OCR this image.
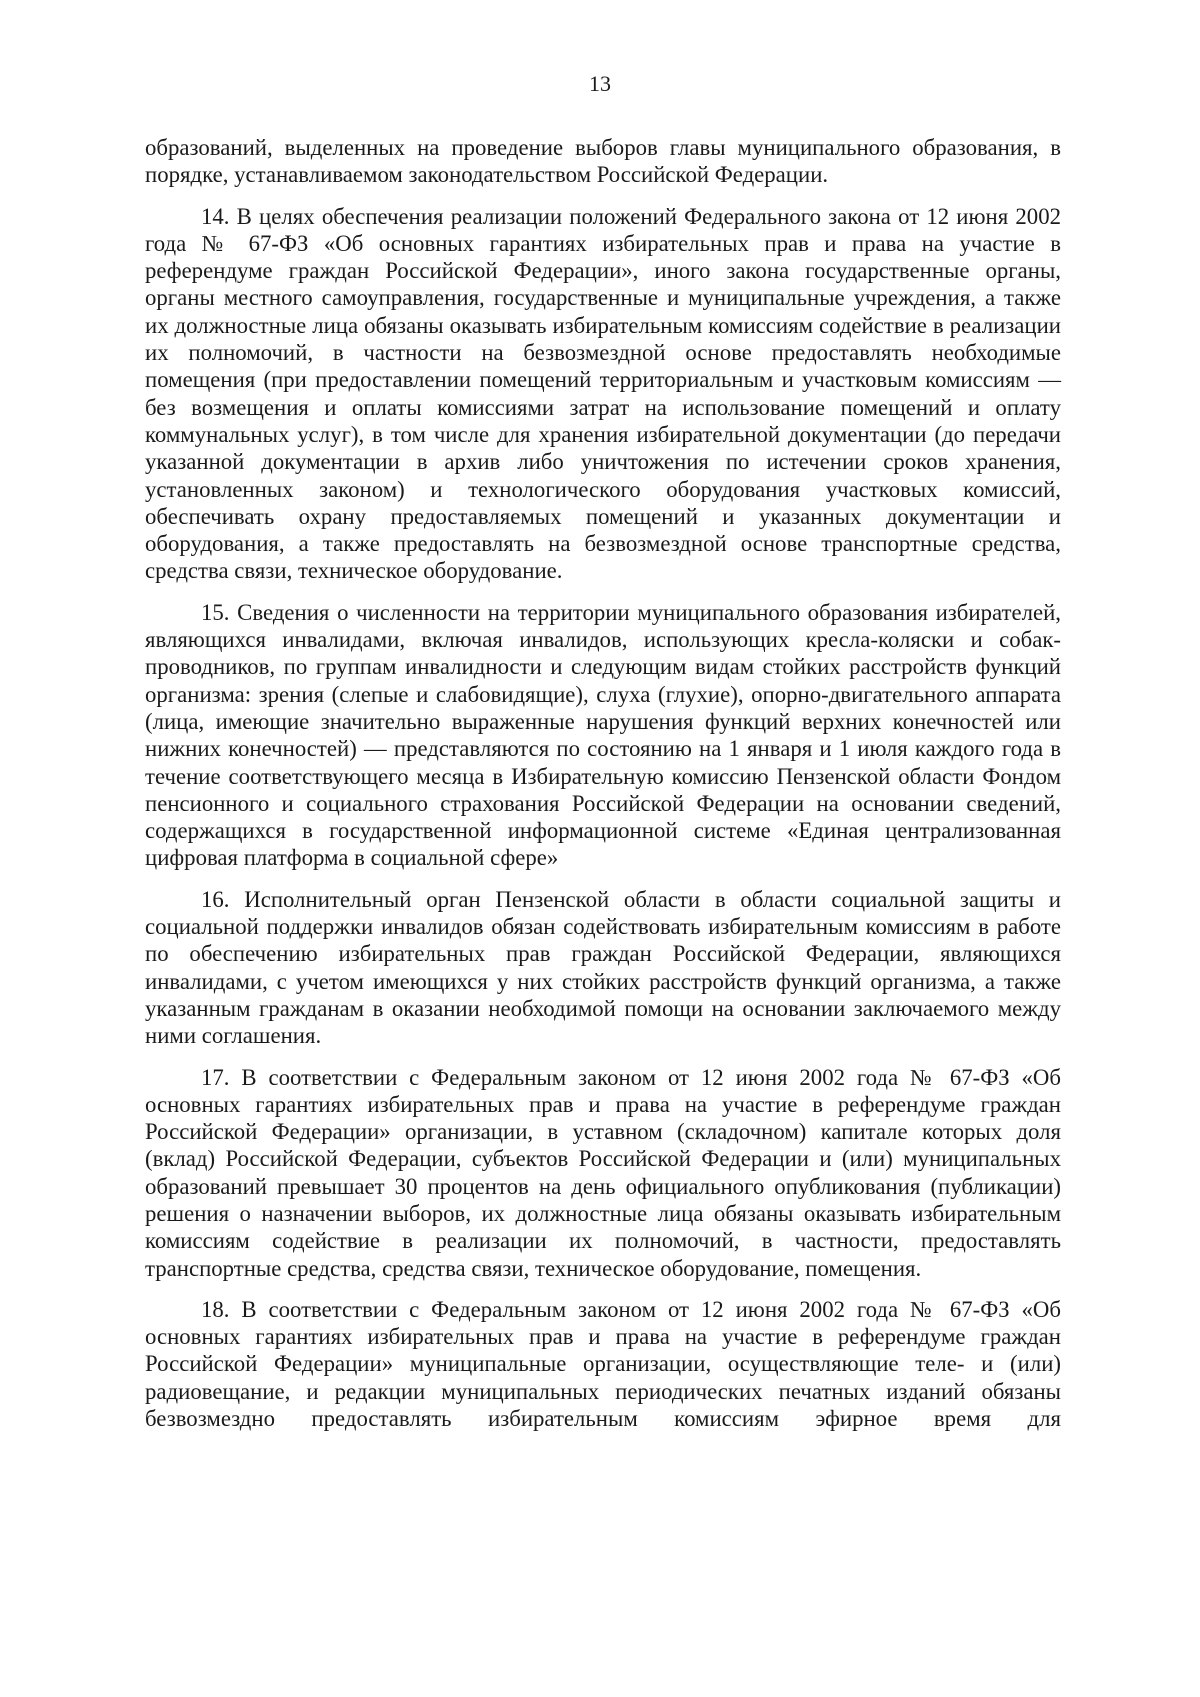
13

образований, выделенных на проведение выборов главы муниципального образования, в порядке, устанавливаемом законодательством Российской Федерации.

14. В целях обеспечения реализации положений Федерального закона от 12 июня 2002 года № 67-ФЗ «Об основных гарантиях избирательных прав и права на участие в референдуме граждан Российской Федерации», иного закона государственные органы, органы местного самоуправления, государственные и муниципальные учреждения, а также их должностные лица обязаны оказывать избирательным комиссиям содействие в реализации их полномочий, в частности на безвозмездной основе предоставлять необходимые помещения (при предоставлении помещений территориальным и участковым комиссиям — без возмещения и оплаты комиссиями затрат на использование помещений и оплату коммунальных услуг), в том числе для хранения избирательной документации (до передачи указанной документации в архив либо уничтожения по истечении сроков хранения, установленных законом) и технологического оборудования участковых комиссий, обеспечивать охрану предоставляемых помещений и указанных документации и оборудования, а также предоставлять на безвозмездной основе транспортные средства, средства связи, техническое оборудование.

15. Сведения о численности на территории муниципального образования избирателей, являющихся инвалидами, включая инвалидов, использующих кресла-коляски и собак-проводников, по группам инвалидности и следующим видам стойких расстройств функций организма: зрения (слепые и слабовидящие), слуха (глухие), опорно-двигательного аппарата (лица, имеющие значительно выраженные нарушения функций верхних конечностей или нижних конечностей) — представляются по состоянию на 1 января и 1 июля каждого года в течение соответствующего месяца в Избирательную комиссию Пензенской области Фондом пенсионного и социального страхования Российской Федерации на основании сведений, содержащихся в государственной информационной системе «Единая централизованная цифровая платформа в социальной сфере»

16. Исполнительный орган Пензенской области в области социальной защиты и социальной поддержки инвалидов обязан содействовать избирательным комиссиям в работе по обеспечению избирательных прав граждан Российской Федерации, являющихся инвалидами, с учетом имеющихся у них стойких расстройств функций организма, а также указанным гражданам в оказании необходимой помощи на основании заключаемого между ними соглашения.

17. В соответствии с Федеральным законом от 12 июня 2002 года № 67-ФЗ «Об основных гарантиях избирательных прав и права на участие в референдуме граждан Российской Федерации» организации, в уставном (складочном) капитале которых доля (вклад) Российской Федерации, субъектов Российской Федерации и (или) муниципальных образований превышает 30 процентов на день официального опубликования (публикации) решения о назначении выборов, их должностные лица обязаны оказывать избирательным комиссиям содействие в реализации их полномочий, в частности, предоставлять транспортные средства, средства связи, техническое оборудование, помещения.

18. В соответствии с Федеральным законом от 12 июня 2002 года № 67-ФЗ «Об основных гарантиях избирательных прав и права на участие в референдуме граждан Российской Федерации» муниципальные организации, осуществляющие теле- и (или) радиовещание, и редакции муниципальных периодических печатных изданий обязаны безвозмездно предоставлять избирательным комиссиям эфирное время для
